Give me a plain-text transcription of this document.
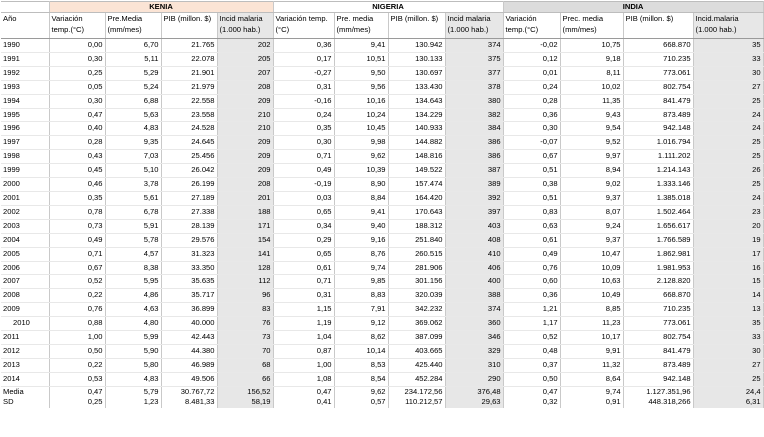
	KENIA				NIGERIA				INDIA			
Año	Variación temp.(°C)	Pre.Media (mm/mes)	PIB (millon. $)	Incid malaria (1.000 hab.)	Variación temp.(°C)	Pre. media (mm/mes)	PIB (millon. $)	Incid malaria (1.000 hab.)	Variación temp.(°C)	Prec. media (mm/mes)	PIB (millon. $)	Incid.malaria (1.000 hab.)
1990	0,00	6,70	21.765	202	0,36	9,41	130.942	374	-0,02	10,75	668.870	35
1991	0,30	5,11	22.078	205	0,17	10,51	130.133	375	0,12	9,18	710.235	33
1992	0,25	5,29	21.901	207	-0,27	9,50	130.697	377	0,01	8,11	773.061	30
1993	0,05	5,24	21.979	208	0,31	9,56	133.430	378	0,24	10,02	802.754	27
1994	0,30	6,88	22.558	209	-0,16	10,16	134.643	380	0,28	11,35	841.479	25
1995	0,47	5,63	23.558	210	0,24	10,24	134.229	382	0,36	9,43	873.489	24
1996	0,40	4,83	24.528	210	0,35	10,45	140.933	384	0,30	9,54	942.148	24
1997	0,28	9,35	24.645	209	0,30	9,98	144.882	386	-0,07	9,52	1.016.794	25
1998	0,43	7,03	25.456	209	0,71	9,62	148.816	386	0,67	9,97	1.111.202	25
1999	0,45	5,10	26.042	209	0,49	10,39	149.522	387	0,51	8,94	1.214.143	26
2000	0,46	3,78	26.199	208	-0,19	8,90	157.474	389	0,38	9,02	1.333.146	25
2001	0,35	5,61	27.189	201	0,03	8,84	164.420	392	0,51	9,37	1.385.018	24
2002	0,78	6,78	27.338	188	0,65	9,41	170.643	397	0,83	8,07	1.502.464	23
2003	0,73	5,91	28.139	171	0,34	9,40	188.312	403	0,63	9,24	1.656.617	20
2004	0,49	5,78	29.576	154	0,29	9,16	251.840	408	0,61	9,37	1.766.589	19
2005	0,71	4,57	31.323	141	0,65	8,76	260.515	410	0,49	10,47	1.862.981	17
2006	0,67	8,38	33.350	128	0,61	9,74	281.906	406	0,76	10,09	1.981.953	16
2007	0,52	5,95	35.635	112	0,71	9,85	301.156	400	0,60	10,63	2.128.820	15
2008	0,22	4,86	35.717	96	0,31	8,83	320.039	388	0,36	10,49	668.870	14
2009	0,76	4,63	36.899	83	1,15	7,91	342.232	374	1,21	8,85	710.235	13
2010	0,88	4,80	40.000	76	1,19	9,12	369.062	360	1,17	11,23	773.061	35
2011	1,00	5,99	42.443	73	1,04	8,62	387.099	346	0,52	10,17	802.754	33
2012	0,50	5,90	44.380	70	0,87	10,14	403.665	329	0,48	9,91	841.479	30
2013	0,22	5,80	46.989	68	1,00	8,53	425.440	310	0,37	11,32	873.489	27
2014	0,53	4,83	49.506	66	1,08	8,54	452.284	290	0,50	8,64	942.148	25
Media	0,47	5,79	30.767,72	156,52	0,47	9,62	234.172,56	376,48	0,47	9,74	1.127.351,96	24,4
SD	0,25	1,23	8.481,33	58,19	0,41	0,57	110.212,57	29,63	0,32	0,91	448.318,266	6,31
